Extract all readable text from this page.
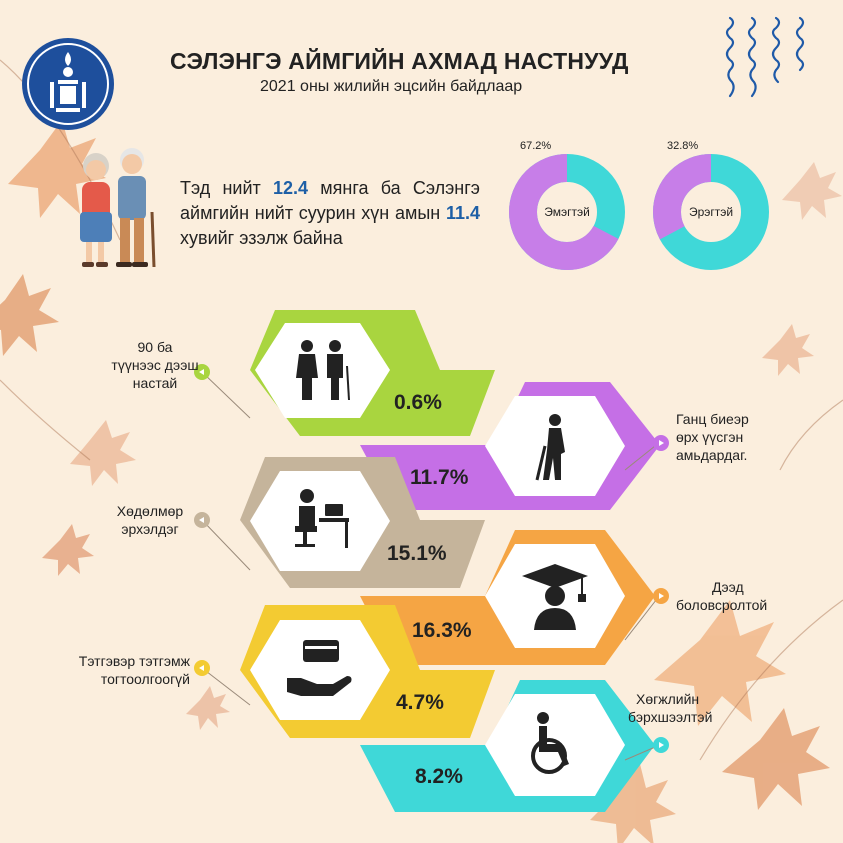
СЭЛЭНГЭ АЙМГИЙН АХМАД НАСТНУУД
2021 оны жилийн эцсийн байдлаар
Тэд нийт 12.4 мянга ба Сэлэнгэ аймгийн нийт суурин хүн амын 11.4 хувийг эзэлж байна
67.2%
Эмэгтэй
32.8%
Эрэгтэй
0.6%
11.7%
15.1%
16.3%
4.7%
8.2%
90 ба
түүнээс дээш
настай
Ганц биеэр
өрх үүсгэн
амьдардаг.
Хөдөлмөр
эрхэлдэг
Дээд
боловсролтой
Тэтгэвэр тэтгэмж
тогтоолгоогүй
Хөгжлийн
бэрхшээлтэй
